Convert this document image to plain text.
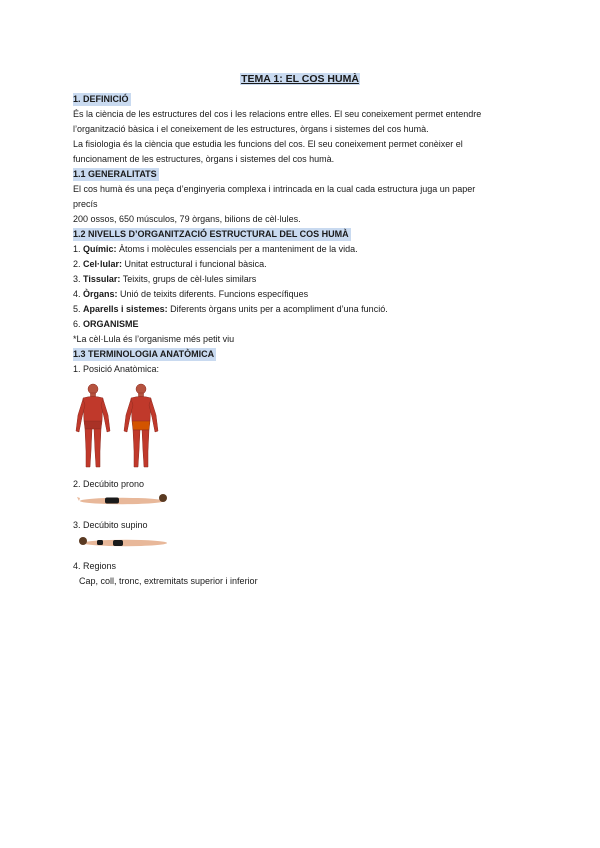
TEMA 1: EL COS HUMÀ
1. DEFINICIÓ
És la ciència de les estructures del cos i les relacions entre elles. El seu coneixement permet entendre
l’organització bàsica i el coneixement de les estructures, òrgans i sistemes del cos humà.
La fisiologia és la ciència que estudia les funcions del cos. El seu coneixement permet conèixer el
funcionament de les estructures, òrgans i sistemes del cos humà.
1.1 GENERALITATS
El cos humà és una peça d’enginyeria complexa i intrincada en la cual cada estructura juga un paper
precís
200 ossos, 650 músculos, 79 òrgans, bilions de cèl·lules.
1.2 NIVELLS D’ORGANITZACIÓ ESTRUCTURAL DEL COS HUMÀ
1. Químic: Àtoms i molècules essencials per a manteniment de la vida.
2. Cel·lular: Unitat estructural i funcional bàsica.
3. Tissular: Teixits, grups de cèl·lules similars
4. Òrgans: Unió de teixits diferents. Funcions específiques
5. Aparells i sistemes: Diferents òrgans units per a acompliment d’una funció.
6. ORGANISME
*La cèl·Lula és l’organisme més petit viu
1.3 TERMINOLOGIA ANATÒMICA
1. Posició Anatòmica:
2. Decúbito prono
3. Decúbito supino
4. Regions
Cap, coll, tronc, extremitats superior i inferior
